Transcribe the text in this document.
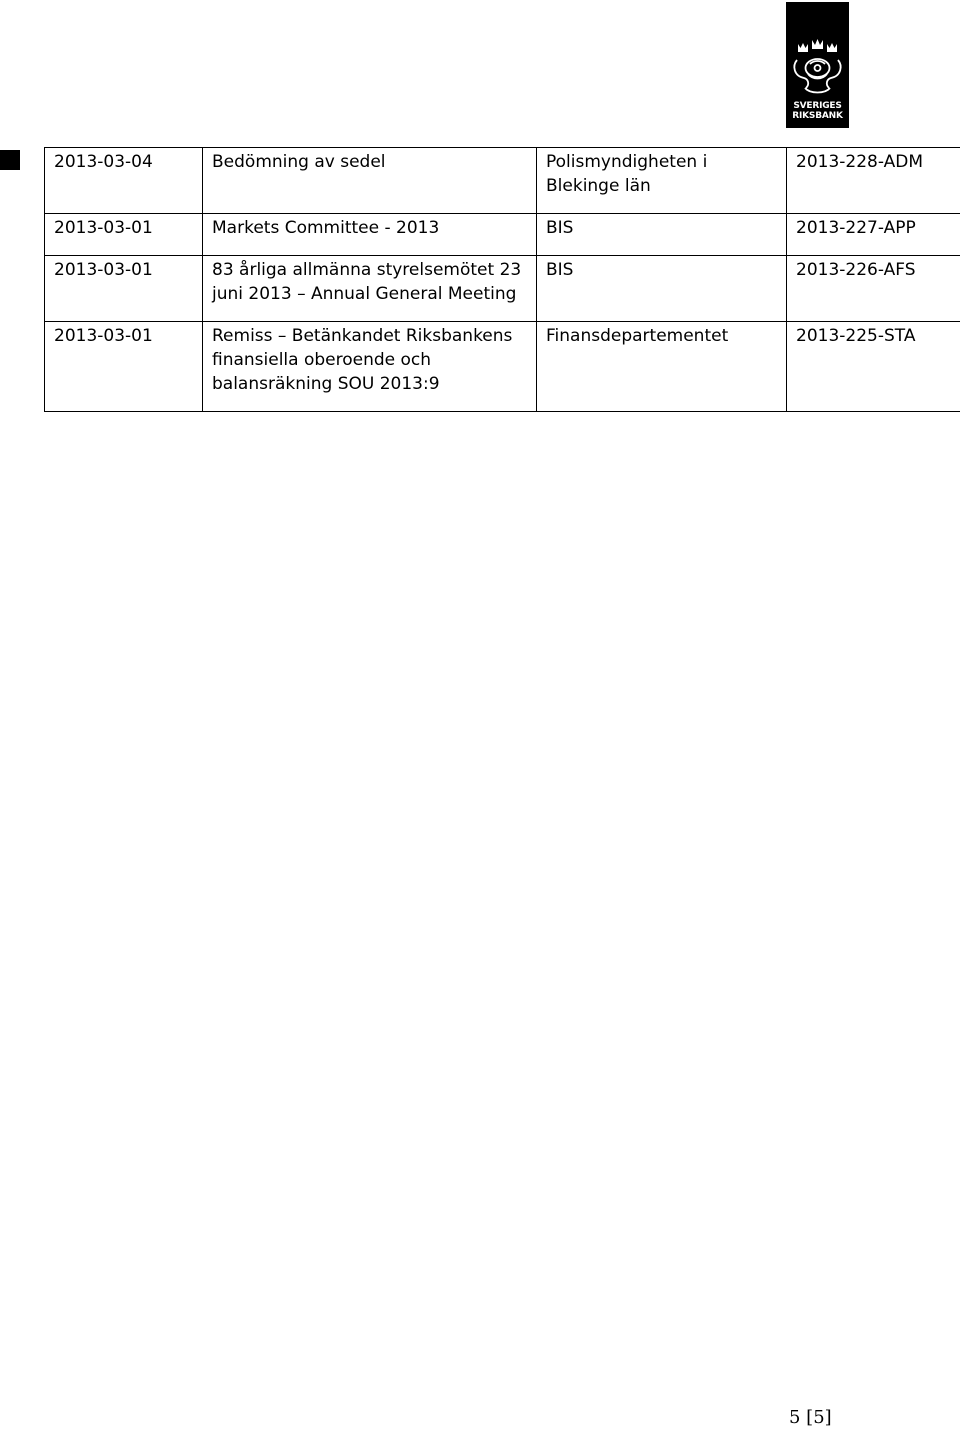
SVERIGES
RIKSBANK
2013-03-04	Bedömning av sedel	Polismyndigheten i Blekinge län	2013-228-ADM
2013-03-01	Markets Committee - 2013	BIS	2013-227-APP
2013-03-01	83 årliga allmänna styrelsemötet 23 juni 2013 – Annual General Meeting	BIS	2013-226-AFS
2013-03-01	Remiss – Betänkandet Riksbankens finansiella oberoende och balansräkning SOU 2013:9	Finansdepartementet	2013-225-STA
5 [5]
